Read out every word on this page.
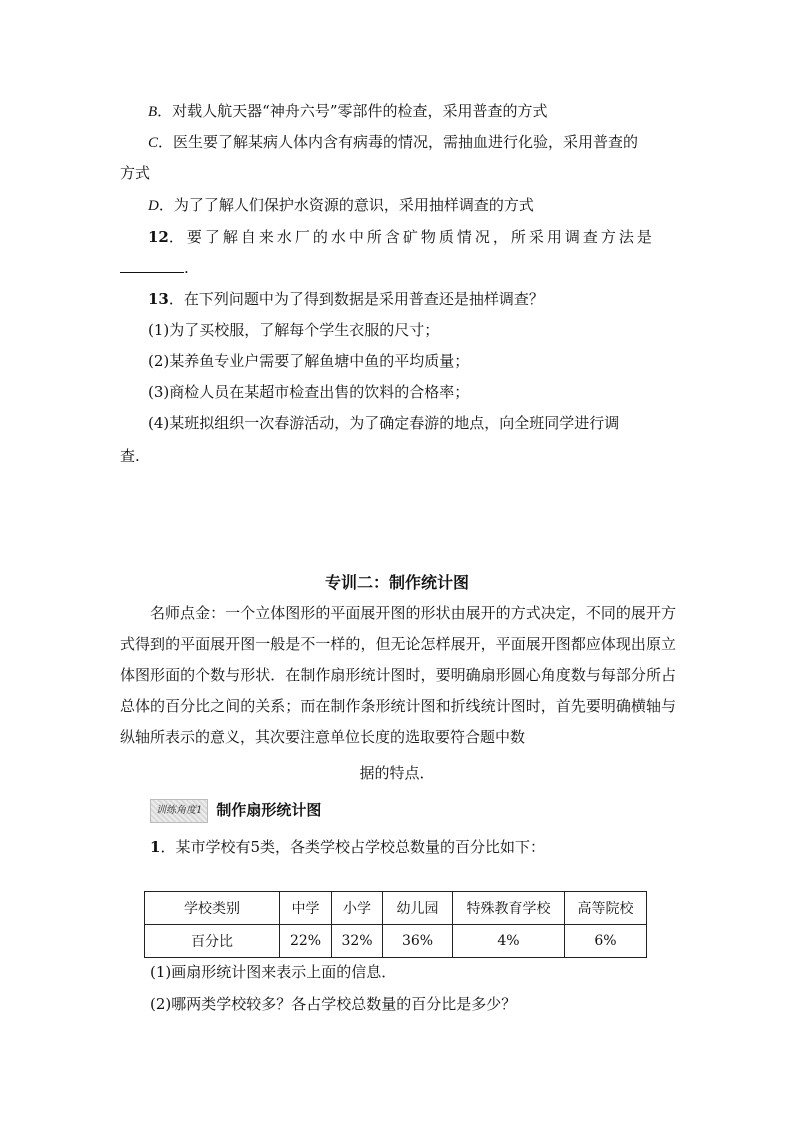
B．对载人航天器“神舟六号”零部件的检查，采用普查的方式
C．医生要了解某病人体内含有病毒的情况，需抽血进行化验，采用普查的
方式
D．为了了解人们保护水资源的意识，采用抽样调查的方式
12．要了解自来水厂的水中所含矿物质情况，所采用调查方法是
.
13．在下列问题中为了得到数据是采用普查还是抽样调查？
(1)为了买校服，了解每个学生衣服的尺寸；
(2)某养鱼专业户需要了解鱼塘中鱼的平均质量；
(3)商检人员在某超市检查出售的饮料的合格率；
(4)某班拟组织一次春游活动，为了确定春游的地点，向全班同学进行调
查.
专训二：制作统计图
名师点金：一个立体图形的平面展开图的形状由展开的方式决定，不同的展开方式得到的平面展开图一般是不一样的，但无论怎样展开，平面展开图都应体现出原立体图形面的个数与形状．在制作扇形统计图时，要明确扇形圆心角度数与每部分所占总体的百分比之间的关系；而在制作条形统计图和折线统计图时，首先要明确横轴与纵轴所表示的意义，其次要注意单位长度的选取要符合题中数
据的特点．
训练角度1 制作扇形统计图
1．某市学校有5类，各类学校占学校总数量的百分比如下：
学校类别	中学	小学	幼儿园	特殊教育学校	高等院校
百分比	22%	32%	36%	4%	6%
(1)画扇形统计图来表示上面的信息．
(2)哪两类学校较多？各占学校总数量的百分比是多少？
